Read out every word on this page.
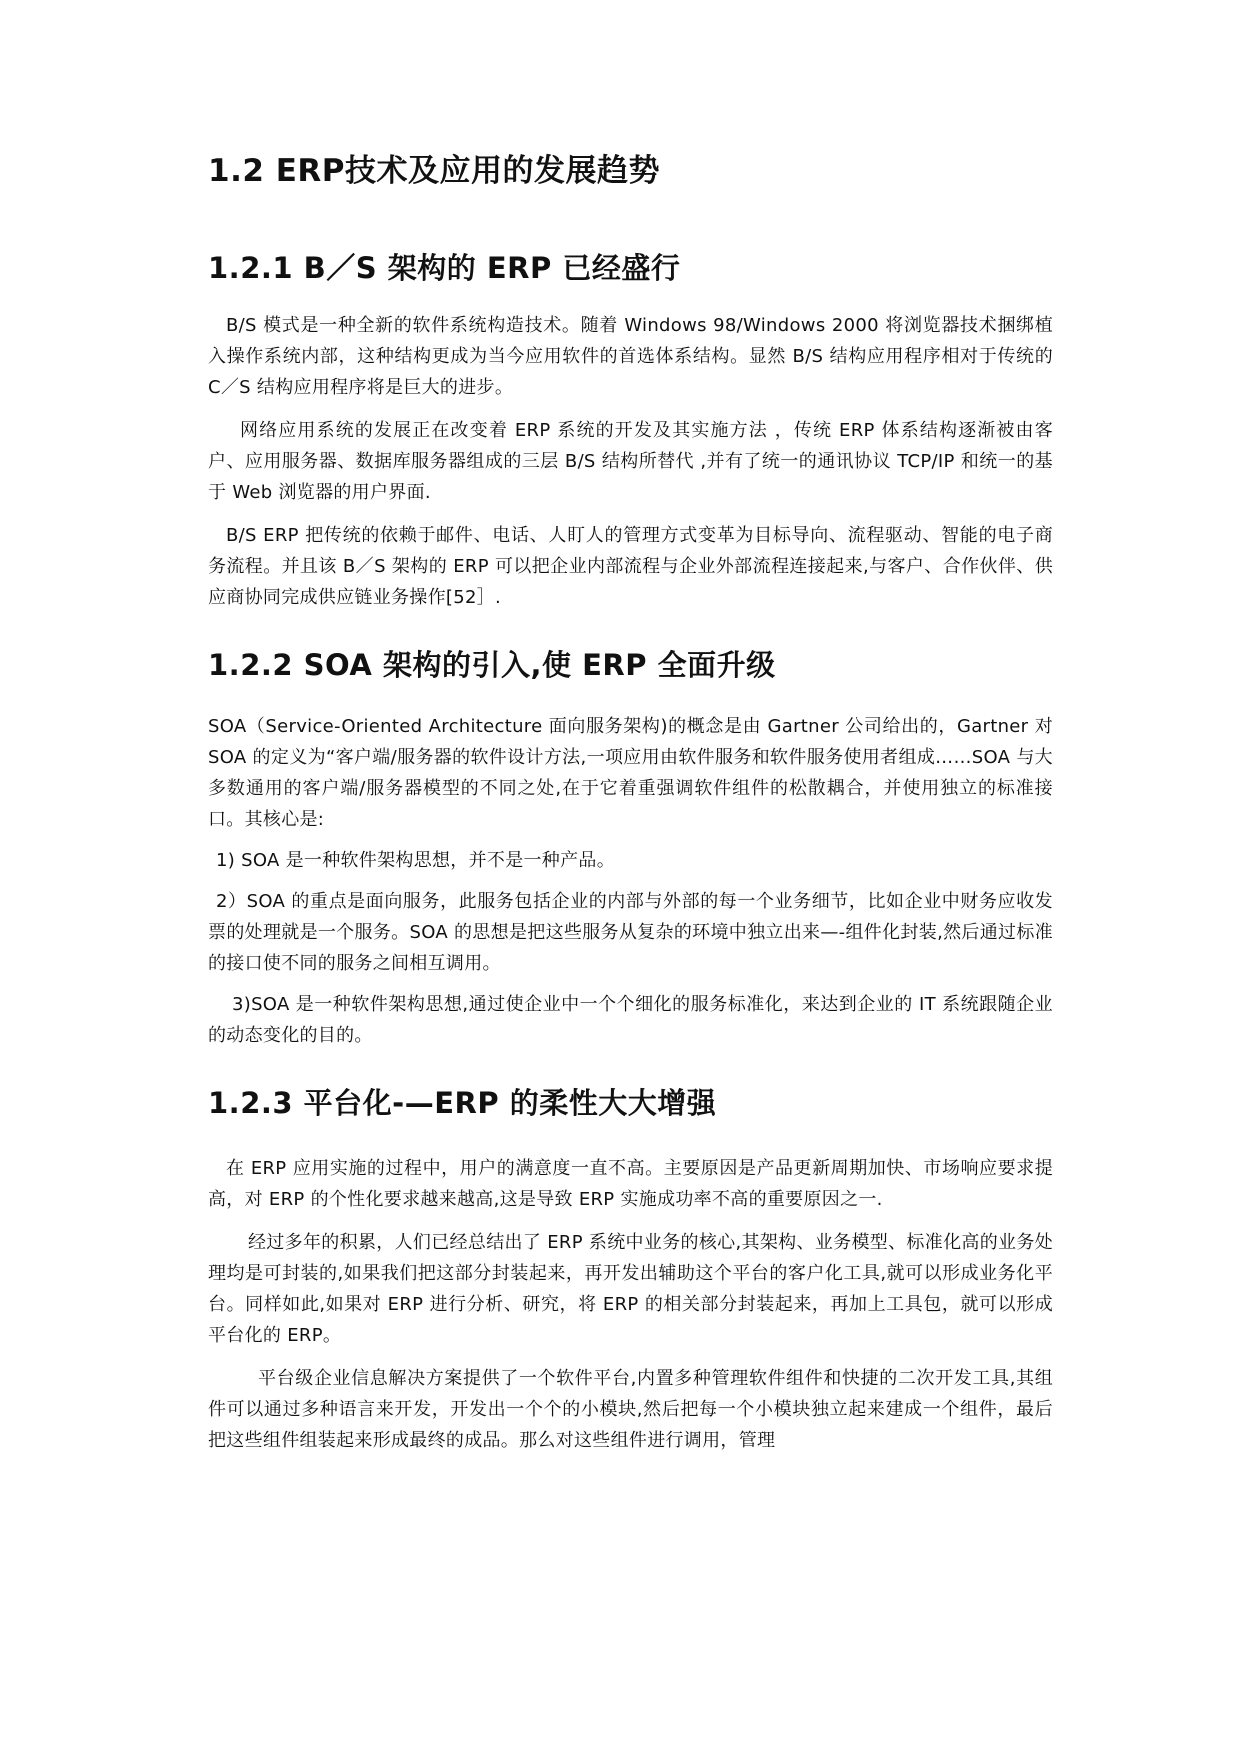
1.2 ERP技术及应用的发展趋势
1.2.1 B／S 架构的 ERP 已经盛行

B/S 模式是一种全新的软件系统构造技术。随着 Windows 98/Windows 2000 将浏览器技术捆绑植入操作系统内部，这种结构更成为当今应用软件的首选体系结构。显然 B/S 结构应用程序相对于传统的 C／S 结构应用程序将是巨大的进步。

网络应用系统的发展正在改变着 ERP 系统的开发及其实施方法 ，传统 ERP 体系结构逐渐被由客户、应用服务器、数据库服务器组成的三层 B/S 结构所替代 ,并有了统一的通讯协议 TCP/IP 和统一的基于 Web 浏览器的用户界面.

B/S ERP 把传统的依赖于邮件、电话、人盯人的管理方式变革为目标导向、流程驱动、智能的电子商务流程。并且该 B／S 架构的 ERP 可以把企业内部流程与企业外部流程连接起来,与客户、合作伙伴、供应商协同完成供应链业务操作[52］.

1.2.2 SOA 架构的引入,使 ERP 全面升级

SOA（Service-Oriented Architecture 面向服务架构)的概念是由 Gartner 公司给出的，Gartner 对 SOA 的定义为“客户端/服务器的软件设计方法,一项应用由软件服务和软件服务使用者组成……SOA 与大多数通用的客户端/服务器模型的不同之处,在于它着重强调软件组件的松散耦合，并使用独立的标准接口。其核心是:

1) SOA 是一种软件架构思想，并不是一种产品。

2）SOA 的重点是面向服务，此服务包括企业的内部与外部的每一个业务细节，比如企业中财务应收发票的处理就是一个服务。SOA 的思想是把这些服务从复杂的环境中独立出来—-组件化封装,然后通过标准的接口使不同的服务之间相互调用。

3)SOA 是一种软件架构思想,通过使企业中一个个细化的服务标准化，来达到企业的 IT 系统跟随企业的动态变化的目的。

1.2.3 平台化-—ERP 的柔性大大增强

在 ERP 应用实施的过程中，用户的满意度一直不高。主要原因是产品更新周期加快、市场响应要求提高，对 ERP 的个性化要求越来越高,这是导致 ERP 实施成功率不高的重要原因之一.

经过多年的积累，人们已经总结出了 ERP 系统中业务的核心,其架构、业务模型、标准化高的业务处理均是可封装的,如果我们把这部分封装起来，再开发出辅助这个平台的客户化工具,就可以形成业务化平台。同样如此,如果对 ERP 进行分析、研究，将 ERP 的相关部分封装起来，再加上工具包，就可以形成平台化的 ERP。

平台级企业信息解决方案提供了一个软件平台,内置多种管理软件组件和快捷的二次开发工具,其组件可以通过多种语言来开发，开发出一个个的小模块,然后把每一个小模块独立起来建成一个组件，最后把这些组件组装起来形成最终的成品。那么对这些组件进行调用，管理
